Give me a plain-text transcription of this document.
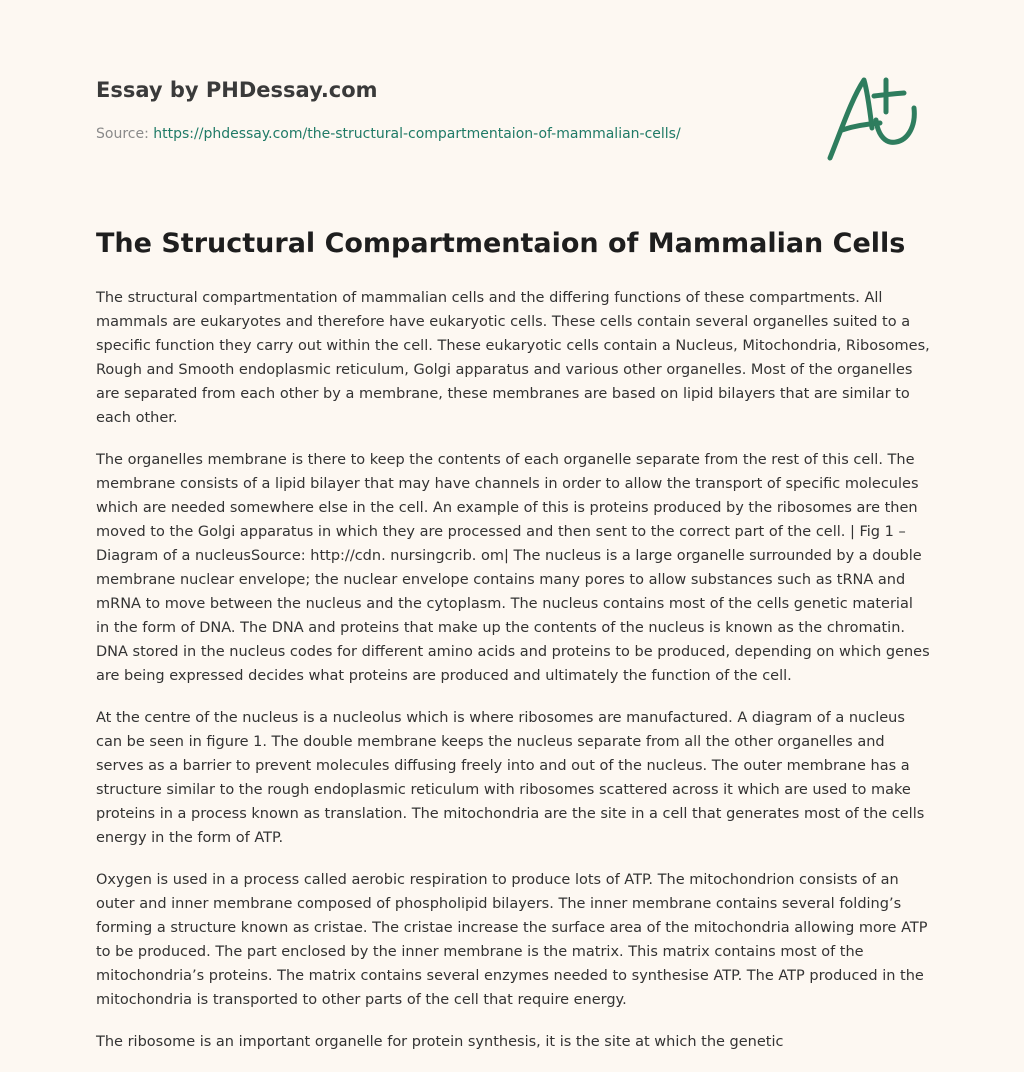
Essay by PHDessay.com
Source: https://phdessay.com/the-structural-compartmentaion-of-mammalian-cells/
The Structural Compartmentaion of Mammalian Cells

The structural compartmentation of mammalian cells and the differing functions of these compartments. All mammals are eukaryotes and therefore have eukaryotic cells. These cells contain several organelles suited to a specific function they carry out within the cell. These eukaryotic cells contain a Nucleus, Mitochondria, Ribosomes, Rough and Smooth endoplasmic reticulum, Golgi apparatus and various other organelles. Most of the organelles are separated from each other by a membrane, these membranes are based on lipid bilayers that are similar to each other.

The organelles membrane is there to keep the contents of each organelle separate from the rest of this cell. The membrane consists of a lipid bilayer that may have channels in order to allow the transport of specific molecules which are needed somewhere else in the cell. An example of this is proteins produced by the ribosomes are then moved to the Golgi apparatus in which they are processed and then sent to the correct part of the cell. | Fig 1 – Diagram of a nucleusSource: http://cdn. nursingcrib. om| The nucleus is a large organelle surrounded by a double membrane nuclear envelope; the nuclear envelope contains many pores to allow substances such as tRNA and mRNA to move between the nucleus and the cytoplasm. The nucleus contains most of the cells genetic material in the form of DNA. The DNA and proteins that make up the contents of the nucleus is known as the chromatin. DNA stored in the nucleus codes for different amino acids and proteins to be produced, depending on which genes are being expressed decides what proteins are produced and ultimately the function of the cell.

At the centre of the nucleus is a nucleolus which is where ribosomes are manufactured. A diagram of a nucleus can be seen in figure 1. The double membrane keeps the nucleus separate from all the other organelles and serves as a barrier to prevent molecules diffusing freely into and out of the nucleus. The outer membrane has a structure similar to the rough endoplasmic reticulum with ribosomes scattered across it which are used to make proteins in a process known as translation. The mitochondria are the site in a cell that generates most of the cells energy in the form of ATP.

Oxygen is used in a process called aerobic respiration to produce lots of ATP. The mitochondrion consists of an outer and inner membrane composed of phospholipid bilayers. The inner membrane contains several folding’s forming a structure known as cristae. The cristae increase the surface area of the mitochondria allowing more ATP to be produced. The part enclosed by the inner membrane is the matrix. This matrix contains most of the mitochondria’s proteins. The matrix contains several enzymes needed to synthesise ATP. The ATP produced in the mitochondria is transported to other parts of the cell that require energy.

The ribosome is an important organelle for protein synthesis, it is the site at which the genetic
